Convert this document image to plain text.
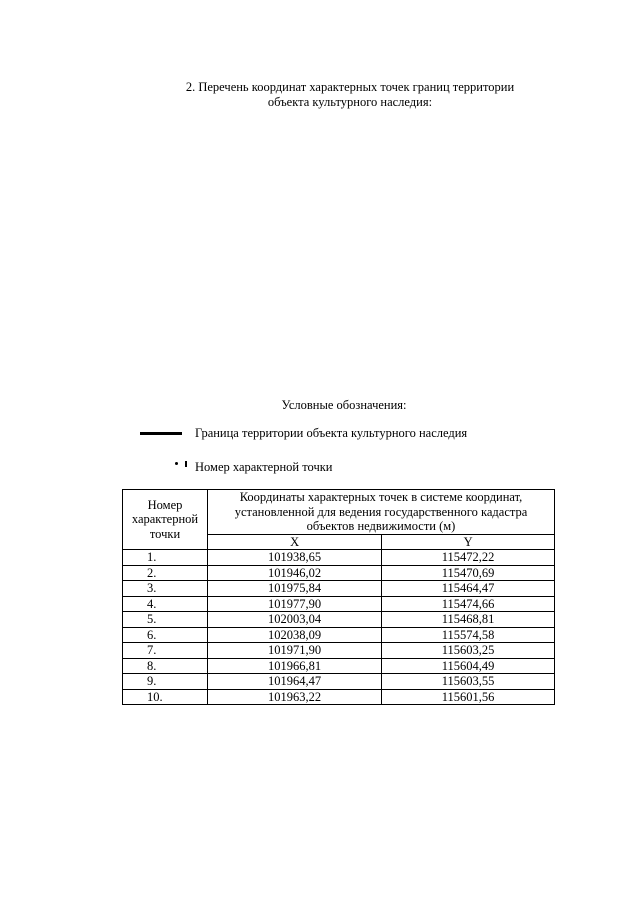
2. Перечень координат характерных точек границ территории
объекта культурного наследия:
Условные обозначения:
Граница территории объекта культурного наследия
Номер характерной точки
Номер характерной точки	Координаты характерных точек в системе координат, установленной для ведения государственного кадастра объектов недвижимости (м)	
	X	Y
1.	101938,65	115472,22
2.	101946,02	115470,69
3.	101975,84	115464,47
4.	101977,90	115474,66
5.	102003,04	115468,81
6.	102038,09	115574,58
7.	101971,90	115603,25
8.	101966,81	115604,49
9.	101964,47	115603,55
10.	101963,22	115601,56
